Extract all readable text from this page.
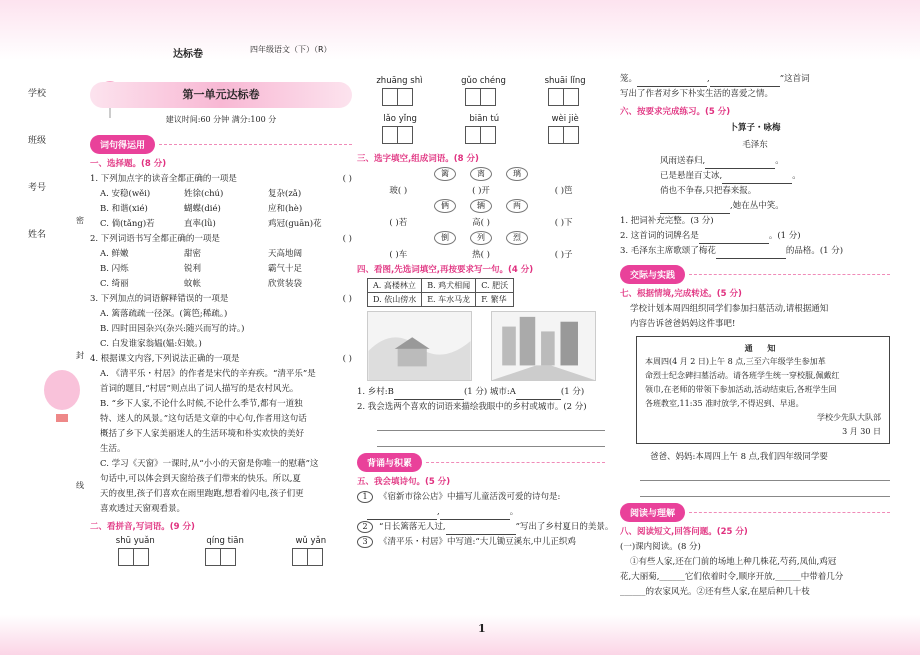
达标卷	四年级语文（下）（R）
学校
班级
考号
姓名
密
封
线
第一单元达标卷
建议时间:60 分钟 满分:100 分
词句得运用
一、选择题。(8 分)
1. 下列加点字的读音全都正确的一项是	( )
A. 安稳(wěi)	姓徐(chú)	复杂(zǎ)
B. 和谐(xié)	蝴蝶(dié)	应和(hè)
C. 倘(tǎng)若	直率(lǜ)	鸡冠(guān)花
2. 下列词语书写全都正确的一项是	( )
A. 鲜嫩	甜密	天高地阔
B. 闪烁	锐利	霸气十足
C. 绮丽	蚊帐	欣赏装袋
3. 下列加点的词语解释错误的一项是	( )
A. 篱落疏疏一径深。(篱笆;稀疏。)
B. 四时田园杂兴(杂兴:随兴而写的诗。)
C. 白发谁家翁媪(媪:妇娘。)
4. 根据课文内容,下列说法正确的一项是	( )
A. 《清平乐・村居》的作者是宋代的辛弃疾。“清平乐”是
首词的题目,“村居”则点出了词人描写的是农村风光。
B. “乡下人家,不论什么时候,不论什么季节,都有一道独
特、迷人的风景。”这句话是文章的中心句,作者用这句话
概括了乡下人家美丽迷人的生活环境和朴实欢快的美好
生活。
C. 学习《天窗》一课时,从“小小的天窗是你唯一的慰藉”这
句话中,可以体会到天窗给孩子们带来的快乐。所以,夏
天的夜里,孩子们喜欢在雨里跑跑,想看着闪电,孩子们更
喜欢透过天窗观看景。
二、看拼音,写词语。(9 分)
shū yuǎn	qíng tiān	wǔ yǎn
zhuāng shì	gǔo chéng	shuāi lǐng
lǎo yǐng	biān tú	wèi jiè
三、选字填空,组成词语。(8 分)
篱	离	璃
玻( )	( )开	( )笆
俩	辆	两
( )若	高( )	( )下
倒	列	烈
( )车	热( )	( )子
四、看图,先选词填空,再按要求写一句。(4 分)
A. 高楼林立	B. 鸡犬相闻	C. 肥沃
D. 依山傍水	E. 车水马龙	F. 繁华
1. 乡村:B	(1 分) 城市:A	(1 分)
2. 我会选两个喜欢的词语来描绘我眼中的乡村或城市。(2 分)
背诵与积累
五、我会填诗句。(5 分)
1 《宿新市徐公店》中描写儿童活泼可爱的诗句是:
,	。
2 “日长篱落无人过,	”写出了乡村夏日的美景。
3 《清平乐・村居》中写道:“大儿锄豆溪东,中儿正织鸡
笼。	,	”这首词
写出了作者对乡下朴实生活的喜爱之情。
六、按要求完成练习。(5 分)
卜算子・咏梅
毛泽东
风雨送春归,	。
已是悬崖百丈冰,	。
俏也不争春,只把春来报。
,她在丛中笑。
1. 把词补充完整。(3 分)
2. 这首词的词牌名是	。(1 分)
3. 毛泽东主席歌颂了梅花	的品格。(1 分)
交际与实践
七、根据情境,完成转述。(5 分)
学校计划本周四组织同学们参加扫墓活动,请根据通知
内容告诉爸爸妈妈这件事吧!
通 知
本周四(4 月 2 日)上午 8 点,三至六年级学生参加革
命烈士纪念碑扫墓活动。请各班学生统一穿校服,佩戴红
领巾,在老师的带领下参加活动,活动结束后,各班学生回
各班教室,11:35 准时放学,不得迟到、早退。
学校少先队大队部
3 月 30 日
爸爸、妈妈:本周四上午 8 点,我们四年级同学要
阅读与理解
八、阅读短文,回答问题。(25 分)
(一)课内阅读。(8 分)
①有些人家,还在门前的场地上种几株花,芍药,凤仙,鸡冠
花,大丽菊,______它们依着时令,顺序开放,______中带着几分
______的农家风光。②还有些人家,在屋后种几十枝
1
